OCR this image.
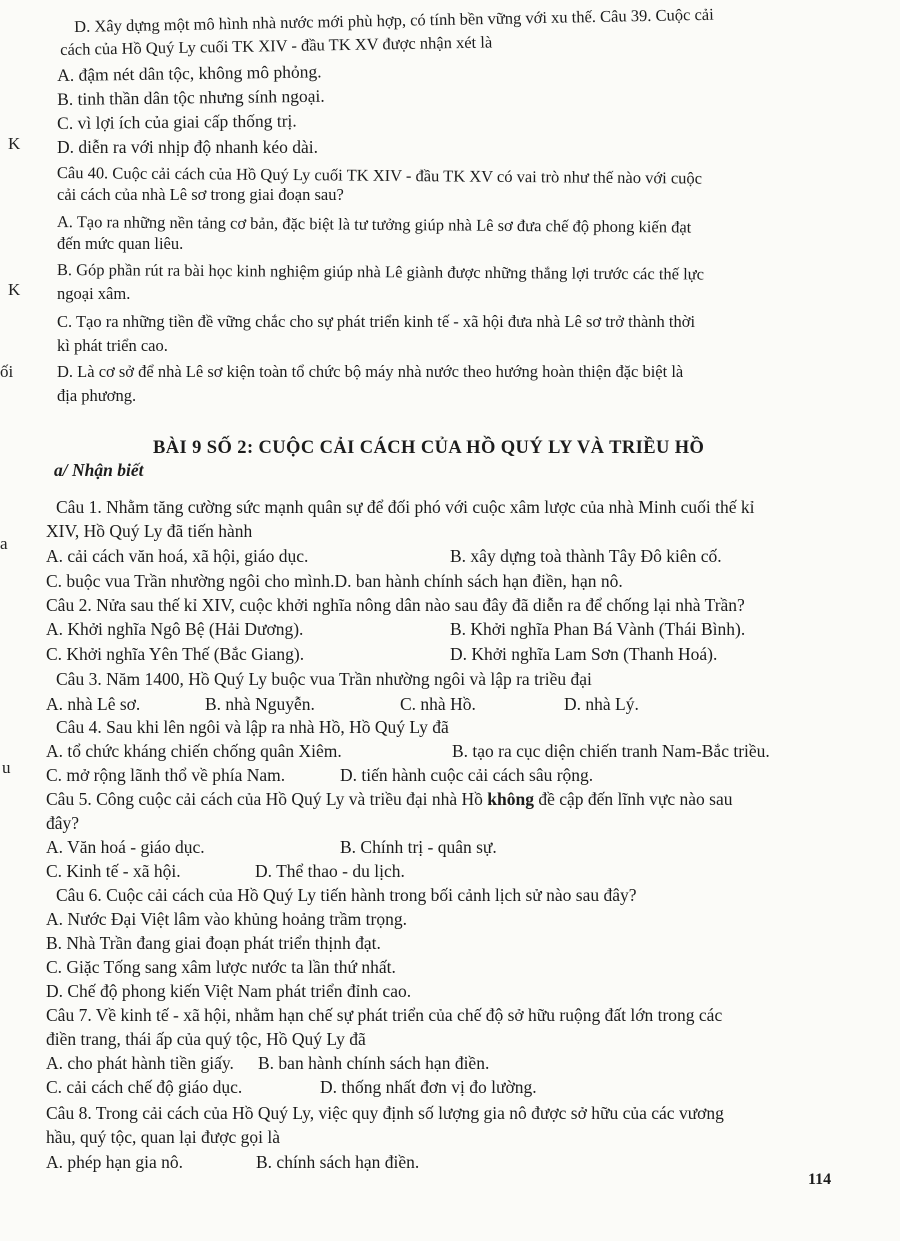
K
K
ối
a
u
D. Xây dựng một mô hình nhà nước mới phù hợp, có tính bền vững với xu thế. Câu 39. Cuộc cải
cách của Hồ Quý Ly cuối TK XIV - đầu TK XV được nhận xét là
A. đậm nét dân tộc, không mô phỏng.
B. tinh thần dân tộc nhưng sính ngoại.
C. vì lợi ích của giai cấp thống trị.
D. diễn ra với nhịp độ nhanh kéo dài.
Câu 40. Cuộc cải cách của Hồ Quý Ly cuối TK XIV - đầu TK XV có vai trò như thế nào với cuộc
cải cách của nhà Lê sơ trong giai đoạn sau?
A. Tạo ra những nền tảng cơ bản, đặc biệt là tư tưởng giúp nhà Lê sơ đưa chế độ phong kiến đạt
đến mức quan liêu.
B. Góp phần rút ra bài học kinh nghiệm giúp nhà Lê giành được những thắng lợi trước các thế lực
ngoại xâm.
C. Tạo ra những tiền đề vững chắc cho sự phát triển kinh tế - xã hội đưa nhà Lê sơ trở thành thời
kì phát triển cao.
D. Là cơ sở để nhà Lê sơ kiện toàn tổ chức bộ máy nhà nước theo hướng hoàn thiện đặc biệt là
địa phương.
BÀI 9 SỐ 2: CUỘC CẢI CÁCH CỦA HỒ QUÝ LY VÀ TRIỀU HỒ
a/ Nhận biết
Câu 1. Nhằm tăng cường sức mạnh quân sự để đối phó với cuộc xâm lược của nhà Minh cuối thế kỉ
XIV, Hồ Quý Ly đã tiến hành
A. cải cách văn hoá, xã hội, giáo dục.	B. xây dựng toà thành Tây Đô kiên cố.
C. buộc vua Trần nhường ngôi cho mình.D. ban hành chính sách hạn điền, hạn nô.
Câu 2. Nửa sau thế kỉ XIV, cuộc khởi nghĩa nông dân nào sau đây đã diễn ra để chống lại nhà Trần?
A. Khởi nghĩa Ngô Bệ (Hải Dương).	B. Khởi nghĩa Phan Bá Vành (Thái Bình).
C. Khởi nghĩa Yên Thế (Bắc Giang).	D. Khởi nghĩa Lam Sơn (Thanh Hoá).
Câu 3. Năm 1400, Hồ Quý Ly buộc vua Trần nhường ngôi và lập ra triều đại
A. nhà Lê sơ.	B. nhà Nguyễn.	C. nhà Hồ.	D. nhà Lý.
Câu 4. Sau khi lên ngôi và lập ra nhà Hồ, Hồ Quý Ly đã
A. tổ chức kháng chiến chống quân Xiêm.	B. tạo ra cục diện chiến tranh Nam-Bắc triều.
C. mở rộng lãnh thổ về phía Nam.	D. tiến hành cuộc cải cách sâu rộng.
Câu 5. Công cuộc cải cách của Hồ Quý Ly và triều đại nhà Hồ không đề cập đến lĩnh vực nào sau
đây?
A. Văn hoá - giáo dục.	B. Chính trị - quân sự.
C. Kinh tế - xã hội.	D. Thể thao - du lịch.
Câu 6. Cuộc cải cách của Hồ Quý Ly tiến hành trong bối cảnh lịch sử nào sau đây?
A. Nước Đại Việt lâm vào khủng hoảng trầm trọng.
B. Nhà Trần đang giai đoạn phát triển thịnh đạt.
C. Giặc Tống sang xâm lược nước ta lần thứ nhất.
D. Chế độ phong kiến Việt Nam phát triển đỉnh cao.
Câu 7. Về kinh tế - xã hội, nhằm hạn chế sự phát triển của chế độ sở hữu ruộng đất lớn trong các
điền trang, thái ấp của quý tộc, Hồ Quý Ly đã
A. cho phát hành tiền giấy. B. ban hành chính sách hạn điền.
C. cải cách chế độ giáo dục.	D. thống nhất đơn vị đo lường.
Câu 8. Trong cải cách của Hồ Quý Ly, việc quy định số lượng gia nô được sở hữu của các vương
hầu, quý tộc, quan lại được gọi là
A. phép hạn gia nô.	B. chính sách hạn điền.
114
